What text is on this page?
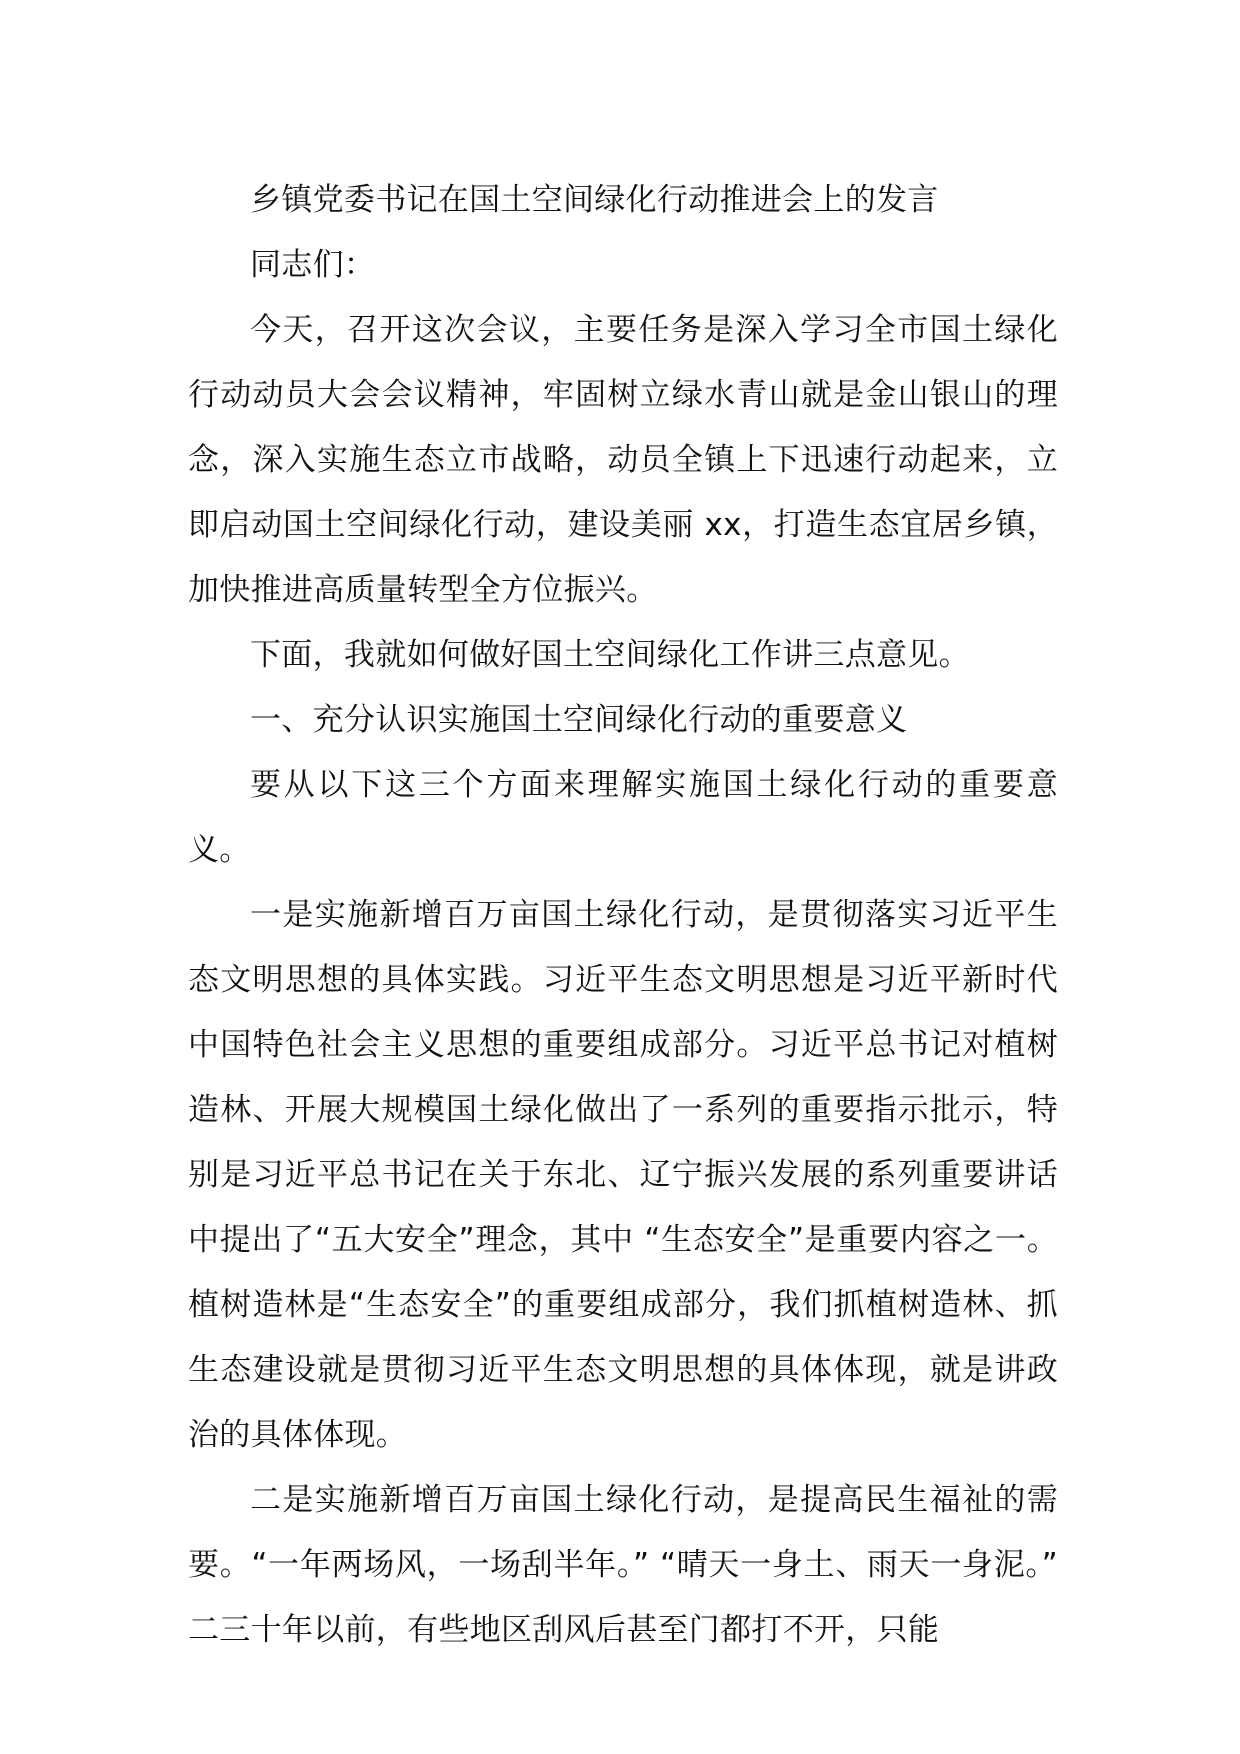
乡镇党委书记在国土空间绿化行动推进会上的发言

同志们：

今天，召开这次会议，主要任务是深入学习全市国土绿化行动动员大会会议精神，牢固树立绿水青山就是金山银山的理念，深入实施生态立市战略，动员全镇上下迅速行动起来，立即启动国土空间绿化行动，建设美丽 xx，打造生态宜居乡镇，加快推进高质量转型全方位振兴。

下面，我就如何做好国土空间绿化工作讲三点意见。

一、充分认识实施国土空间绿化行动的重要意义

要从以下这三个方面来理解实施国土绿化行动的重要意义。

一是实施新增百万亩国土绿化行动，是贯彻落实习近平生态文明思想的具体实践。习近平生态文明思想是习近平新时代中国特色社会主义思想的重要组成部分。习近平总书记对植树造林、开展大规模国土绿化做出了一系列的重要指示批示，特别是习近平总书记在关于东北、辽宁振兴发展的系列重要讲话中提出了“五大安全”理念，其中 “生态安全”是重要内容之一。植树造林是“生态安全”的重要组成部分，我们抓植树造林、抓生态建设就是贯彻习近平生态文明思想的具体体现，就是讲政治的具体体现。

二是实施新增百万亩国土绿化行动，是提高民生福祉的需要。“一年两场风，一场刮半年。” “晴天一身土、雨天一身泥。” 二三十年以前，有些地区刮风后甚至门都打不开，只能
